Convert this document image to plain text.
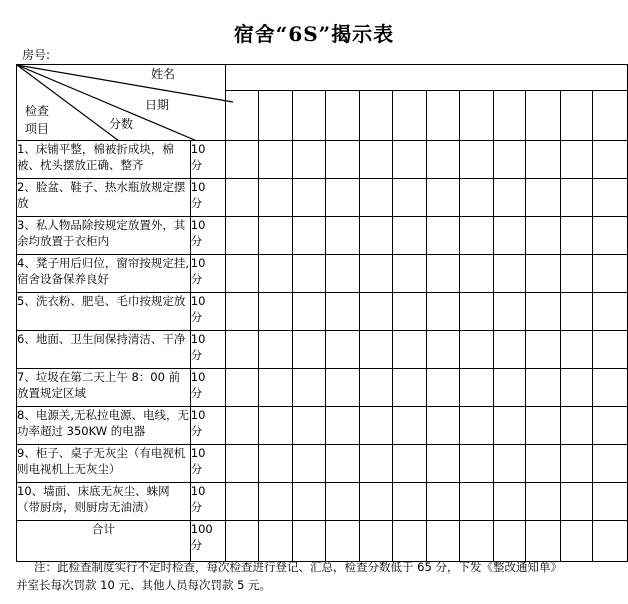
宿舍“6S”揭示表
房号:
姓名
日期
检查
项目 分数													

1、床铺平整，棉被折成块，棉被、枕头摆放正确、整齐	10
分												

2、脸盆、鞋子、热水瓶放规定摆放	10
分												

3、私人物品除按规定放置外，其余均放置于衣柜内	10
分												

4、凳子用后归位，窗帘按规定挂,宿舍设备保养良好	10
分												

5、洗衣粉、肥皂、毛巾按规定放	10
分												

6、地面、卫生间保持清洁、干净	10
分												

7、垃圾在第二天上午 8：00 前放置规定区域	10
分												

8、电源关,无私拉电源、电线，无功率超过 350KW 的电器	10
分												

9、柜子、桌子无灰尘（有电视机则电视机上无灰尘）	10
分												

10、墙面、床底无灰尘、蛛网（带厨房，则厨房无油渍）	10
分												

合计	100
分												

注：此检查制度实行不定时检查，每次检查进行登记、汇总，检查分数低于 65 分，下发《整改通知单》
并室长每次罚款 10 元、其他人员每次罚款 5 元。
